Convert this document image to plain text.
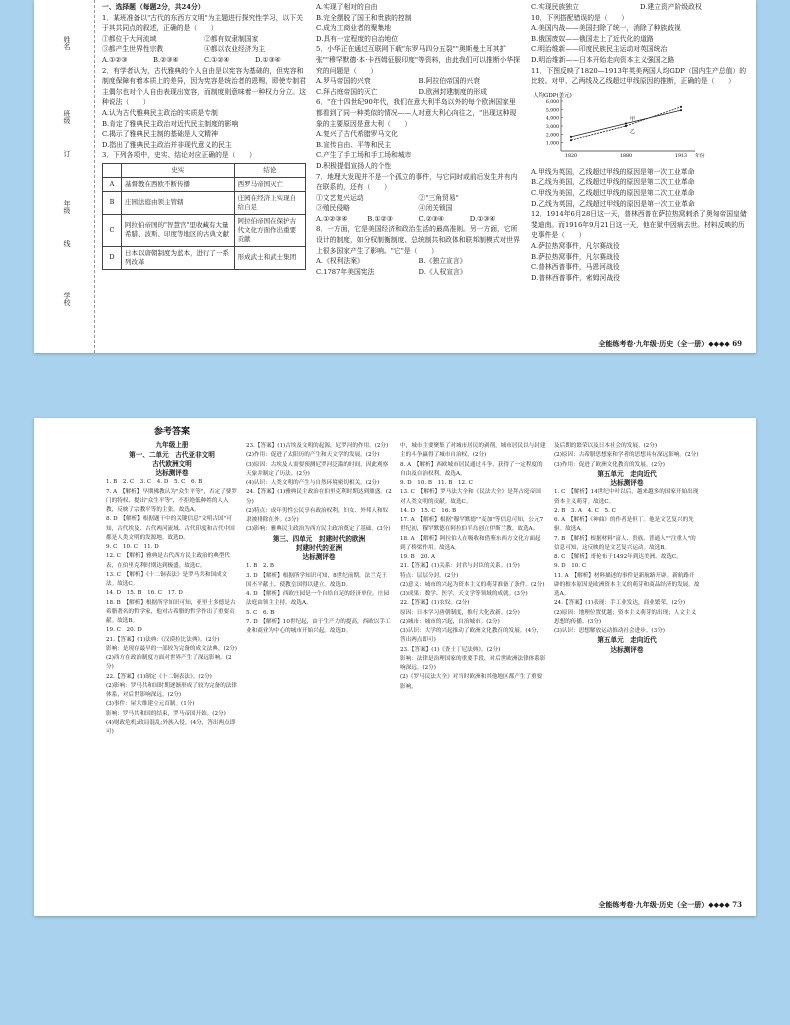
姓名
班级
订
年级
线
学校

一、选择题（每题2分，共24分）

1．某班准备以"古代的东西方文明"为主题进行探究性学习，以下关于其共同点的叙述，正确的是（　　）

①都位于大河流域	②都有奴隶制国家
③都产生世界性宗教	④都以农业经济为主
A.①②③	B.②③④	C.①②④	D.①③④

2．有学者认为，古代雅典的个人自由是以宪容为基础的，但宪容和制度保障有着本质上的差异，因为宪容是统治者的恩赐，即使专制君主偶尔也对个人自由表现出宽容，而制度则意味着一种权力分立。这种说法（　　）

A.认为古代雅典民主政治的实质是专制

B.肯定了雅典民主政治对近代民主制度的影响

C.揭示了雅典民主制的基础是人文精神

D.指出了雅典民主政治并非现代意义的民主

3．下列各项中，史实、结论对应正确的是（　　）

	史实	结论
A	基督教在西欧不断传播	西罗马帝国灭亡
B	庄园法庭由领主管辖	庄园在经济上实现自给自足
C	阿拉伯帝国的"智慧宫"里收藏有大量希腊、波斯、印度等地区的古典文献	阿拉伯帝国在保护古代文化方面作出重要贡献
D	日本以唐朝制度为蓝本，进行了一系列改革	形成武士和武士集团

A.实现了相对的自由

B.完全摆脱了国王和贵族的控制

C.成为工商业者的聚集地

D.具有一定程度的自治地位

5．小华正在通过互联网下载"东罗马四分五裂""奥斯曼土耳其扩张""穆罕默德·本·卡西姆征服印度"等资料，由此我们可以推断小华探究的问题是（　　）

A.罗马帝国的兴衰	B.阿拉伯帝国的兴衰
C.拜占庭帝国的灭亡	D.欧洲封建制度的形成

6．"在十四世纪90年代，我们在意大利半岛以外的每个欧洲国家里都看到了同一种类似的情况——人对意大利心向往之，"出现这种现象的主要原因是意大利（　　）

A.复兴了古代希腊罗马文化

B.宣传自由、平等和民主

C.产生了手工场和手工场和城市

D.积极提倡宣扬人的个性

7．地理大发现并不是一个孤立的事件，与它同时或前后发生并有内在联系的，还有（　　）

①文艺复兴运动	②"三角贸易"
③殖民侵略	④闭关锁国
A.①②③④	B.①②③	C.②③④	D.①③④

8．一方面，它是美国经济和政治生活的最高准则。另一方面，它所设计的制度，如分权制衡制度、总统制共和政体和联邦制模式对世界上很多国家产生了影响。"它"是（　　）

A.《权利法案》	B.《独立宣言》
C.1787年美国宪法	D.《人权宣言》
C.实现民族独立	D.建立资产阶级政权

10．下列搭配错误的是（　　）

A.美国内战——美国扫除了统一，消除了种族歧视

B.俄国废奴——俄国走上了近代化的道路

C.明治维新——印度民族民主运动对英国统治

D.明治维新——日本开始走向资本主义强国之路

11．下图反映了1820—1913年英美两国人均GDP（国内生产总值）的比较。对甲、乙两线及乙线超过甲线原因的推断，正确的是（　　）

人均GDP(美元)
1,000
2,000
3,000
4,000
5,000
6,000
1820	1880	1913 年份
甲
乙

A.甲线为英国，乙线超过甲线的原因是第一次工业革命

B.乙线为美国，乙线超过甲线的原因是第二次工业革命

C.甲线为美国，乙线超过甲线的原因是第二次工业革命

D.乙线为英国，乙线超过甲线的原因是第一次工业革命

12．1914年6月28日这一天，普林西普在萨拉热窝刺杀了奥匈帝国皇储斐迪南。而1916年9月21日这一天，他在狱中因病去世。材料反映的历史事件是（　　）

A.萨拉热窝事件，凡尔赛战役

B.萨拉热窝事件，凡尔赛战役

C.普林西普事件，马恩河战役

D.普林西普事件，索姆河战役

全能练考卷·九年级·历史（全一册）◆◆◆◆ 69
参考答案
九年级上册
第一、二单元　古代亚非文明
古代欧洲文明
达标测评卷

1. B　2. C　3. C　4. D　5. C　6. B

7. A　【解析】早期佛教认为"众生平等"，否定了婆罗门的特权，提出"众生平等"，不拒绝低种姓的人入教，反映了宗教平等的主张。故选A。

8. D　【解析】根据题干中的关键信息"文明古国"可知，古代埃及、古代两河流域、古代印度和古代中国都是人类文明的发源地。故选D。

9. C　10. C　11. D

12. C　【解析】雅典是古代西方民主政治的典型代表，在伯里克利时期达到极盛。故选C。

13. C　【解析】《十二铜表法》是罗马共和国成文法。故选C。

14. D　15. B　16. C　17. D

18. B　【解析】根据所学知识可知，亚里士多德是古希腊著名的哲学家，他对古希腊的哲学作出了重要贡献。故选B。

19. C　20. D

21.【答案】(1)法典:《汉谟拉比法典》。(2分)

影响：是现存最早的一部较为完备的成文法典。(2分)

(2)西方在政治制度方面对世界产生了深远影响。(2分)

22.【答案】(1)制定《十二铜表法》。(2分)

(2)影响：罗马共和国时期逐渐形成了较为完备的法律体系，对后世影响深远。(2分)

(3)事件：屋大维建立元首制。(1分)

影响：罗马共和国的结束，罗马帝国开始。(2分)

(4)财政危机;政局混乱;外族入侵。(4分，答出两点即可)

23.【答案】(1)古埃及文明的起源，尼罗河的作用。(2分)

(2)作用：促进了太阳历的产生和天文学的发展。(2分)

(3)原因：古埃及人需要预测尼罗河泛滥的时间，因此观察天象并制定了历法。(2分)

(4)认识：人类文明的产生与自然环境密切相关。(2分)

24.【答案】(1)雅典民主政治在伯里克利时期达到鼎盛。(2分)

(2)特点：成年男性公民享有政治权利，妇女、外邦人和奴隶被排除在外。(3分)

(3)影响：雅典民主政治为西方民主政治奠定了基础。(3分)

第三、四单元　封建时代的欧洲
封建时代的亚洲
达标测评卷

1. B　2. B

3. D　【解析】根据所学知识可知，8世纪前期，法兰克王国丕平献土，使教皇国得以建立。故选D。

4. D　【解析】西欧庄园是一个自给自足的经济单位。庄园法庭由领主主持。故选A。

5. C　6. B

7. D　【解析】10世纪起，由于生产力的提高，西欧以手工业和商业为中心的城市开始兴起。故选D。

中，城市主要聚集了对城市居民的剥削，城市居民以与封建主的斗争赢得了城市自治权。(2分)

8. A　【解析】西欧城市居民通过斗争，获得了一定程度的自由及自治权利。故选A。

9. D　10. B　11. B　12. C

13. C　【解析】罗马法大全和《民法大全》是拜占庭帝国对人类文明的贡献。故选C。

14. D　15. C　16. B

17. A　【解析】根据"穆罕默德""麦加"等信息可知，公元7世纪初，穆罕默德在阿拉伯半岛创立伊斯兰教。故选A。

18. A　【解析】阿拉伯人在吸收和借鉴东西方文化方面起到了桥梁作用。故选A。

19. B　20. A

21.【答案】(1)关系：封君与封臣的关系。(1分)

特点：层层分封。(2分)

(2)意义：城市的兴起为资本主义的萌芽准备了条件。(2分)

(3)成果：数学、医学、天文学等领域的成就。(3分)

22.【答案】(1)农奴。(2分)

原因：日本学习唐朝制度，推行大化改新。(2分)

(2)城市：城市的兴起，自治城市。(2分)

(3)认识：大学的兴起推动了欧洲文化教育的发展。(4分，答出两点即可)

23.【答案】(1)《査士丁尼法典》。(2分)

影响：法律是治理国家的重要手段，对后世欧洲法律体系影响深远。(2分)

(2)《罗马民法大全》对当时欧洲和其他地区都产生了重要影响。

及后期的繁荣以及日本社会的发展。(2分)

(2)原因：古希腊思想家和学者的思想具有深远影响。(2分)

(3)作用：促进了欧洲文化教育的发展。(2分)

第五单元　走向近代
达标测评卷

1. C　【解析】14世纪中叶以后，越来越多的国家开始出现资本主义萌芽。故选C。

2. B　3. A　4. C　5. C

6. A　【解析】《神曲》的作者是但丁。他是文艺复兴的先驱。故选A。

7. B　【解析】根据材料"富人、贵族、普通人""注重人"的信息可知，这反映的是文艺复兴运动。故选B。

8. C　【解析】哥伦布于1492年到达美洲。故选C。

9. D　10. C

11. A　【解析】材料描述的事件是新航路开辟。新航路开辟的根本原因是欧洲资本主义的萌芽和商品经济的发展。故选A。

24.【答案】(1)表现：手工业发达，商业繁荣。(2分)

(2)原因：地理位置优越；资本主义萌芽的出现；人文主义思想的传播。(3分)

(3)认识：思想解放运动推动社会进步。(3分)

第五单元　走向近代
达标测评卷
全能练考卷·九年级·历史（全一册）◆◆◆◆ 73
